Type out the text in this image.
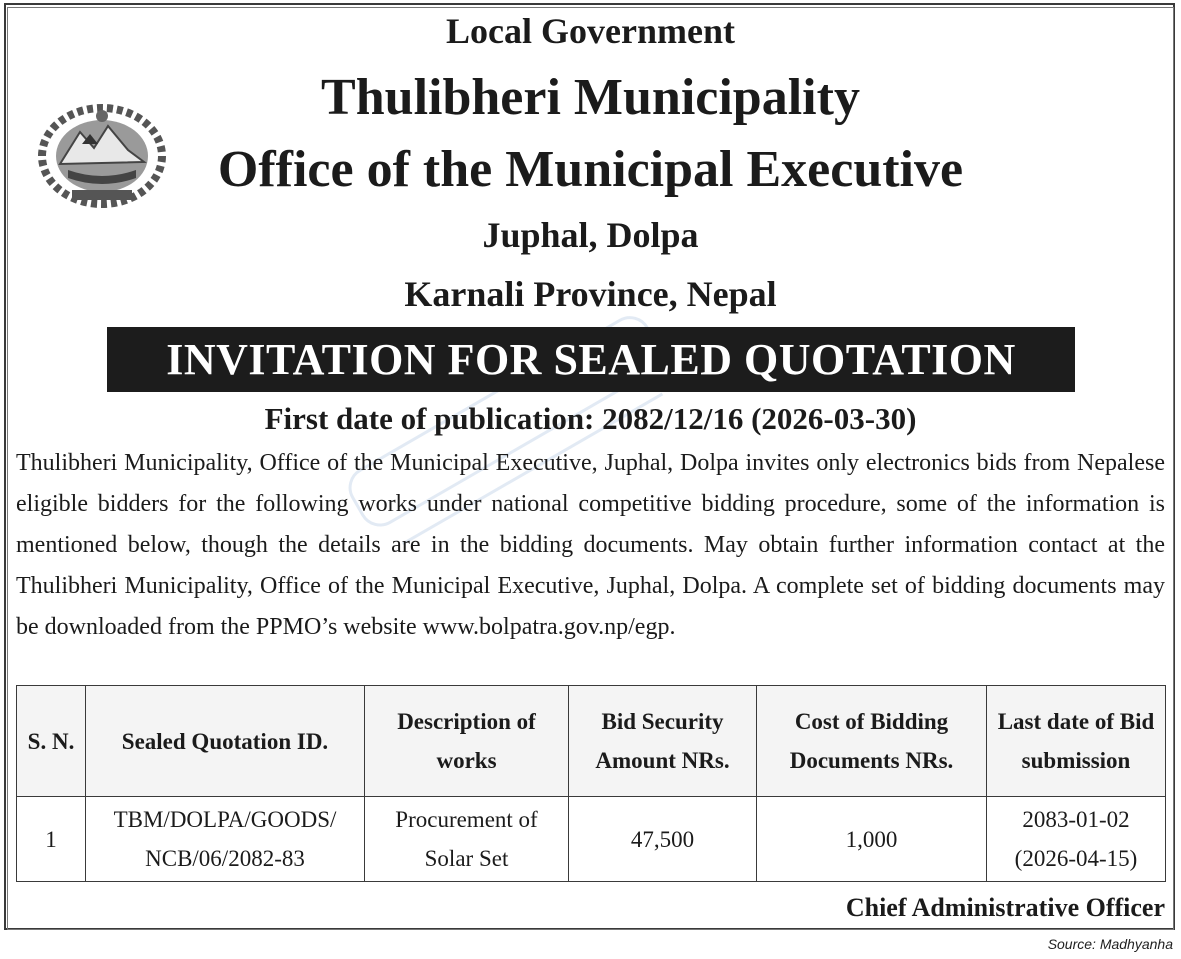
Local Government
Thulibheri Municipality
Office of the Municipal Executive
Juphal, Dolpa
Karnali Province, Nepal
INVITATION FOR SEALED QUOTATION
First date of publication: 2082/12/16 (2026-03-30)

Thulibheri Municipality, Office of the Municipal Executive, Juphal, Dolpa invites only electronics bids from Nepalese eligible bidders for the following works under national competitive bidding procedure, some of the information is mentioned below, though the details are in the bidding documents. May obtain further information contact at the Thulibheri Municipality, Office of the Municipal Executive, Juphal, Dolpa. A complete set of bidding documents may be downloaded from the PPMO’s website www.bolpatra.gov.np/egp.

S. N.	Sealed Quotation ID.	Description of works	Bid Security Amount NRs.	Cost of Bidding Documents NRs.	Last date of Bid submission
1	TBM/DOLPA/GOODS/ NCB/06/2082-83	Procurement of Solar Set	47,500	1,000	2083-01-02 (2026-04-15)
Chief Administrative Officer
Source: Madhyanha
